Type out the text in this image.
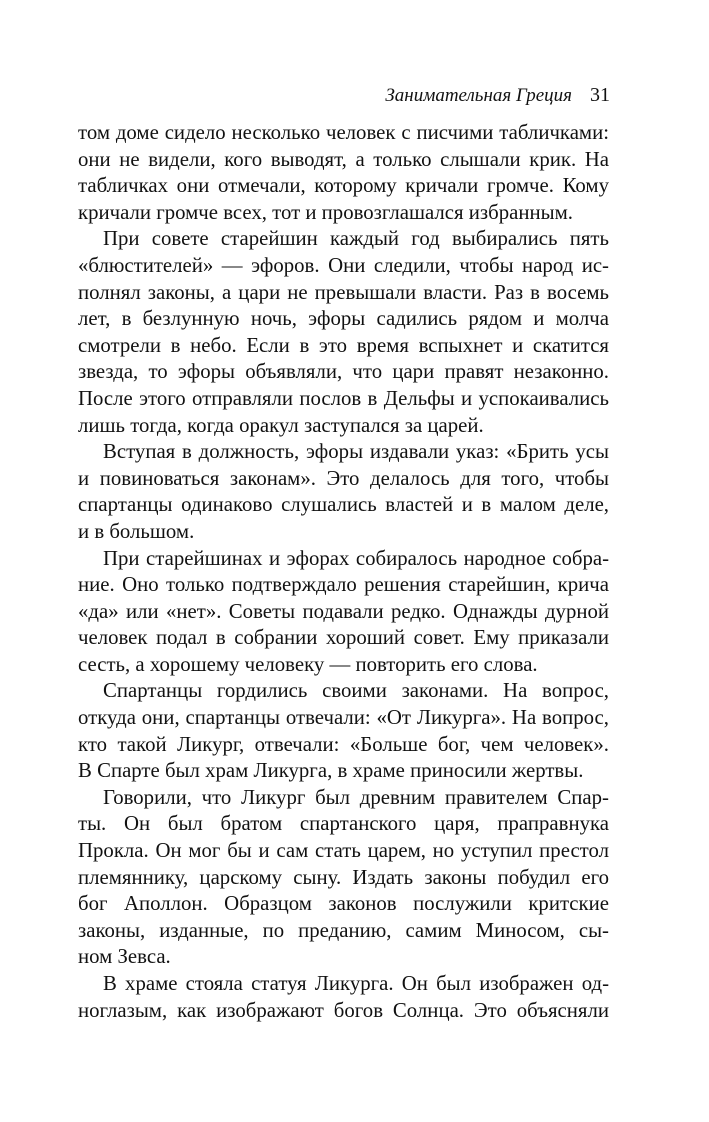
Занимательная Греция 31

том доме сидело несколько человек с писчими табличками:
они не видели, кого выводят, а только слышали крик. На
табличках они отмечали, которому кричали громче. Кому
кричали громче всех, тот и провозглашался избранным.

При совете старейшин каждый год выбирались пять
«блюстителей» — эфоров. Они следили, чтобы народ ис-
полнял законы, а цари не превышали власти. Раз в восемь
лет, в безлунную ночь, эфоры садились рядом и молча
смотрели в небо. Если в это время вспыхнет и скатится
звезда, то эфоры объявляли, что цари правят незаконно.
После этого отправляли послов в Дельфы и успокаивались
лишь тогда, когда оракул заступался за царей.

Вступая в должность, эфоры издавали указ: «Брить усы
и повиноваться законам». Это делалось для того, чтобы
спартанцы одинаково слушались властей и в малом деле,
и в большом.

При старейшинах и эфорах собиралось народное собра-
ние. Оно только подтверждало решения старейшин, крича
«да» или «нет». Советы подавали редко. Однажды дурной
человек подал в собрании хороший совет. Ему приказали
сесть, а хорошему человеку — повторить его слова.

Спартанцы гордились своими законами. На вопрос,
откуда они, спартанцы отвечали: «От Ликурга». На вопрос,
кто такой Ликург, отвечали: «Больше бог, чем человек».
В Спарте был храм Ликурга, в храме приносили жертвы.

Говорили, что Ликург был древним правителем Спар-
ты. Он был братом спартанского царя, праправнука
Прокла. Он мог бы и сам стать царем, но уступил престол
племяннику, царскому сыну. Издать законы побудил его
бог Аполлон. Образцом законов послужили критские
законы, изданные, по преданию, самим Миносом, сы-
ном Зевса.

В храме стояла статуя Ликурга. Он был изображен од-
ноглазым, как изображают богов Солнца. Это объясняли
